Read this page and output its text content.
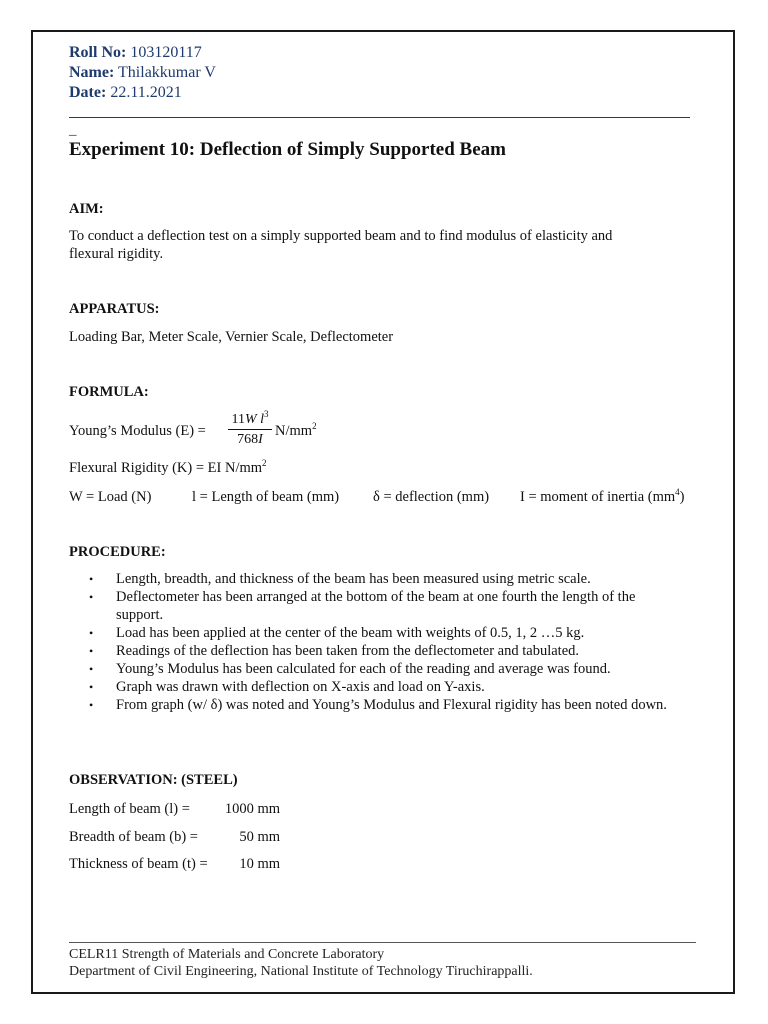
Roll No: 103120117
Name: Thilakkumar V
Date: 22.11.2021
_
Experiment 10: Deflection of Simply Supported Beam
AIM:
To conduct a deflection test on a simply supported beam and to find modulus of elasticity and
flexural rigidity.
APPARATUS:
Loading Bar, Meter Scale, Vernier Scale, Deflectometer
FORMULA:
Young’s Modulus (E) =
11W $l^3$
768I
$N/mm^2$
Flexural Rigidity (K) = EI $N/mm^2$
W = Load (N)	l = Length of beam (mm) δ = deflection (mm) I = moment of inertia $(mm^4)$
PROCEDURE:
• Length, breadth, and thickness of the beam has been measured using metric scale.
• Deflectometer has been arranged at the bottom of the beam at one fourth the length of the support.
• Load has been applied at the center of the beam with weights of 0.5, 1, 2 …5 kg.
• Readings of the deflection has been taken from the deflectometer and tabulated.
• Young’s Modulus has been calculated for each of the reading and average was found.
• Graph was drawn with deflection on X-axis and load on Y-axis.
• From graph (w/ δ) was noted and Young’s Modulus and Flexural rigidity has been noted down.
OBSERVATION: (STEEL)
Length of beam (l) =	1000 mm
Breadth of beam (b) =	50 mm
Thickness of beam (t) =	10 mm
CELR11 Strength of Materials and Concrete Laboratory
Department of Civil Engineering, National Institute of Technology Tiruchirappalli.
